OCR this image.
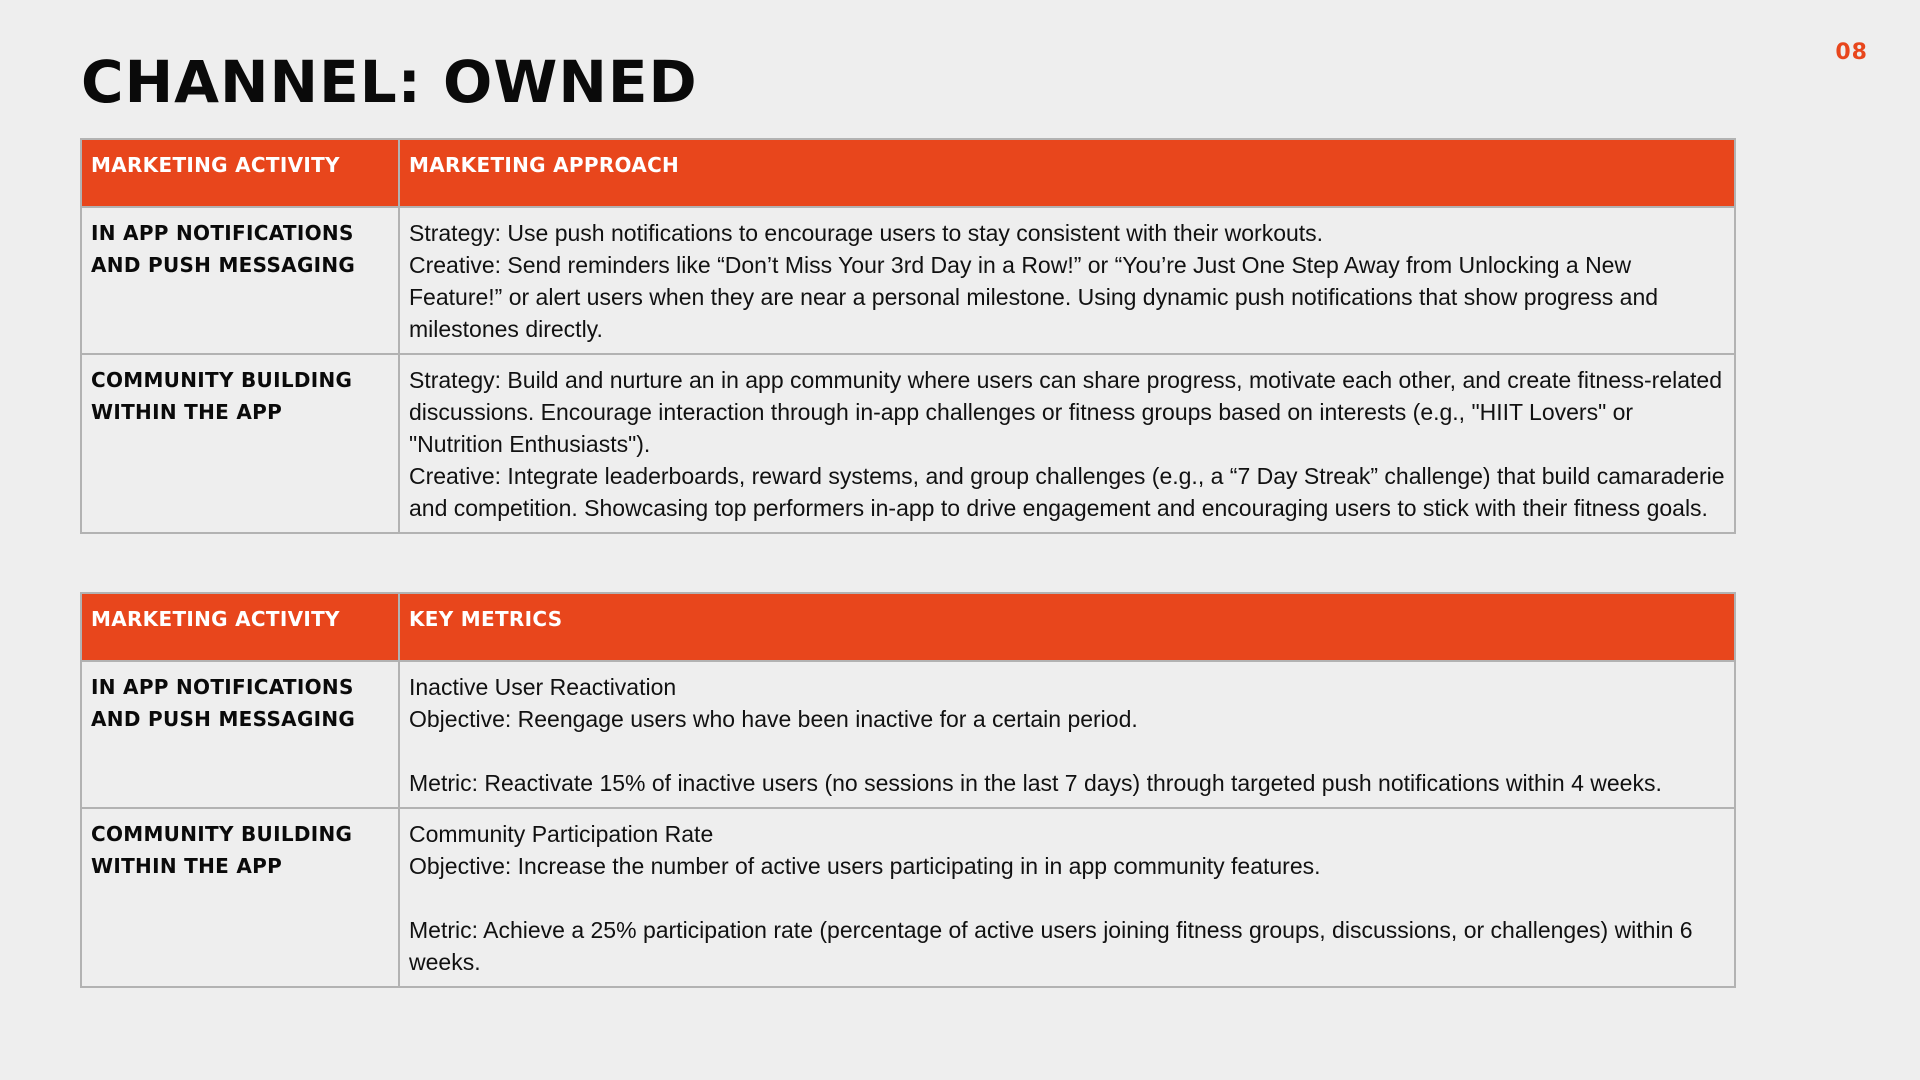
CHANNEL: OWNED	08
MARKETING ACTIVITY	MARKETING APPROACH
IN APP NOTIFICATIONS AND PUSH MESSAGING	Strategy: Use push notifications to encourage users to stay consistent with their workouts.
Creative: Send reminders like “Don’t Miss Your 3rd Day in a Row!” or “You’re Just One Step Away from Unlocking a New Feature!” or alert users when they are near a personal milestone. Using dynamic push notifications that show progress and milestones directly.

COMMUNITY BUILDING WITHIN THE APP	Strategy: Build and nurture an in app community where users can share progress, motivate each other, and create fitness-related discussions. Encourage interaction through in-app challenges or fitness groups based on interests (e.g., "HIIT Lovers" or "Nutrition Enthusiasts").
Creative: Integrate leaderboards, reward systems, and group challenges (e.g., a “7 Day Streak” challenge) that build camaraderie and competition. Showcasing top performers in-app to drive engagement and encouraging users to stick with their fitness goals.
MARKETING ACTIVITY	KEY METRICS
IN APP NOTIFICATIONS AND PUSH MESSAGING	Inactive User Reactivation
Objective: Reengage users who have been inactive for a certain period.
Metric: Reactivate 15% of inactive users (no sessions in the last 7 days) through targeted push notifications within 4 weeks.

COMMUNITY BUILDING WITHIN THE APP	Community Participation Rate
Objective: Increase the number of active users participating in in app community features.
Metric: Achieve a 25% participation rate (percentage of active users joining fitness groups, discussions, or challenges) within 6 weeks.
